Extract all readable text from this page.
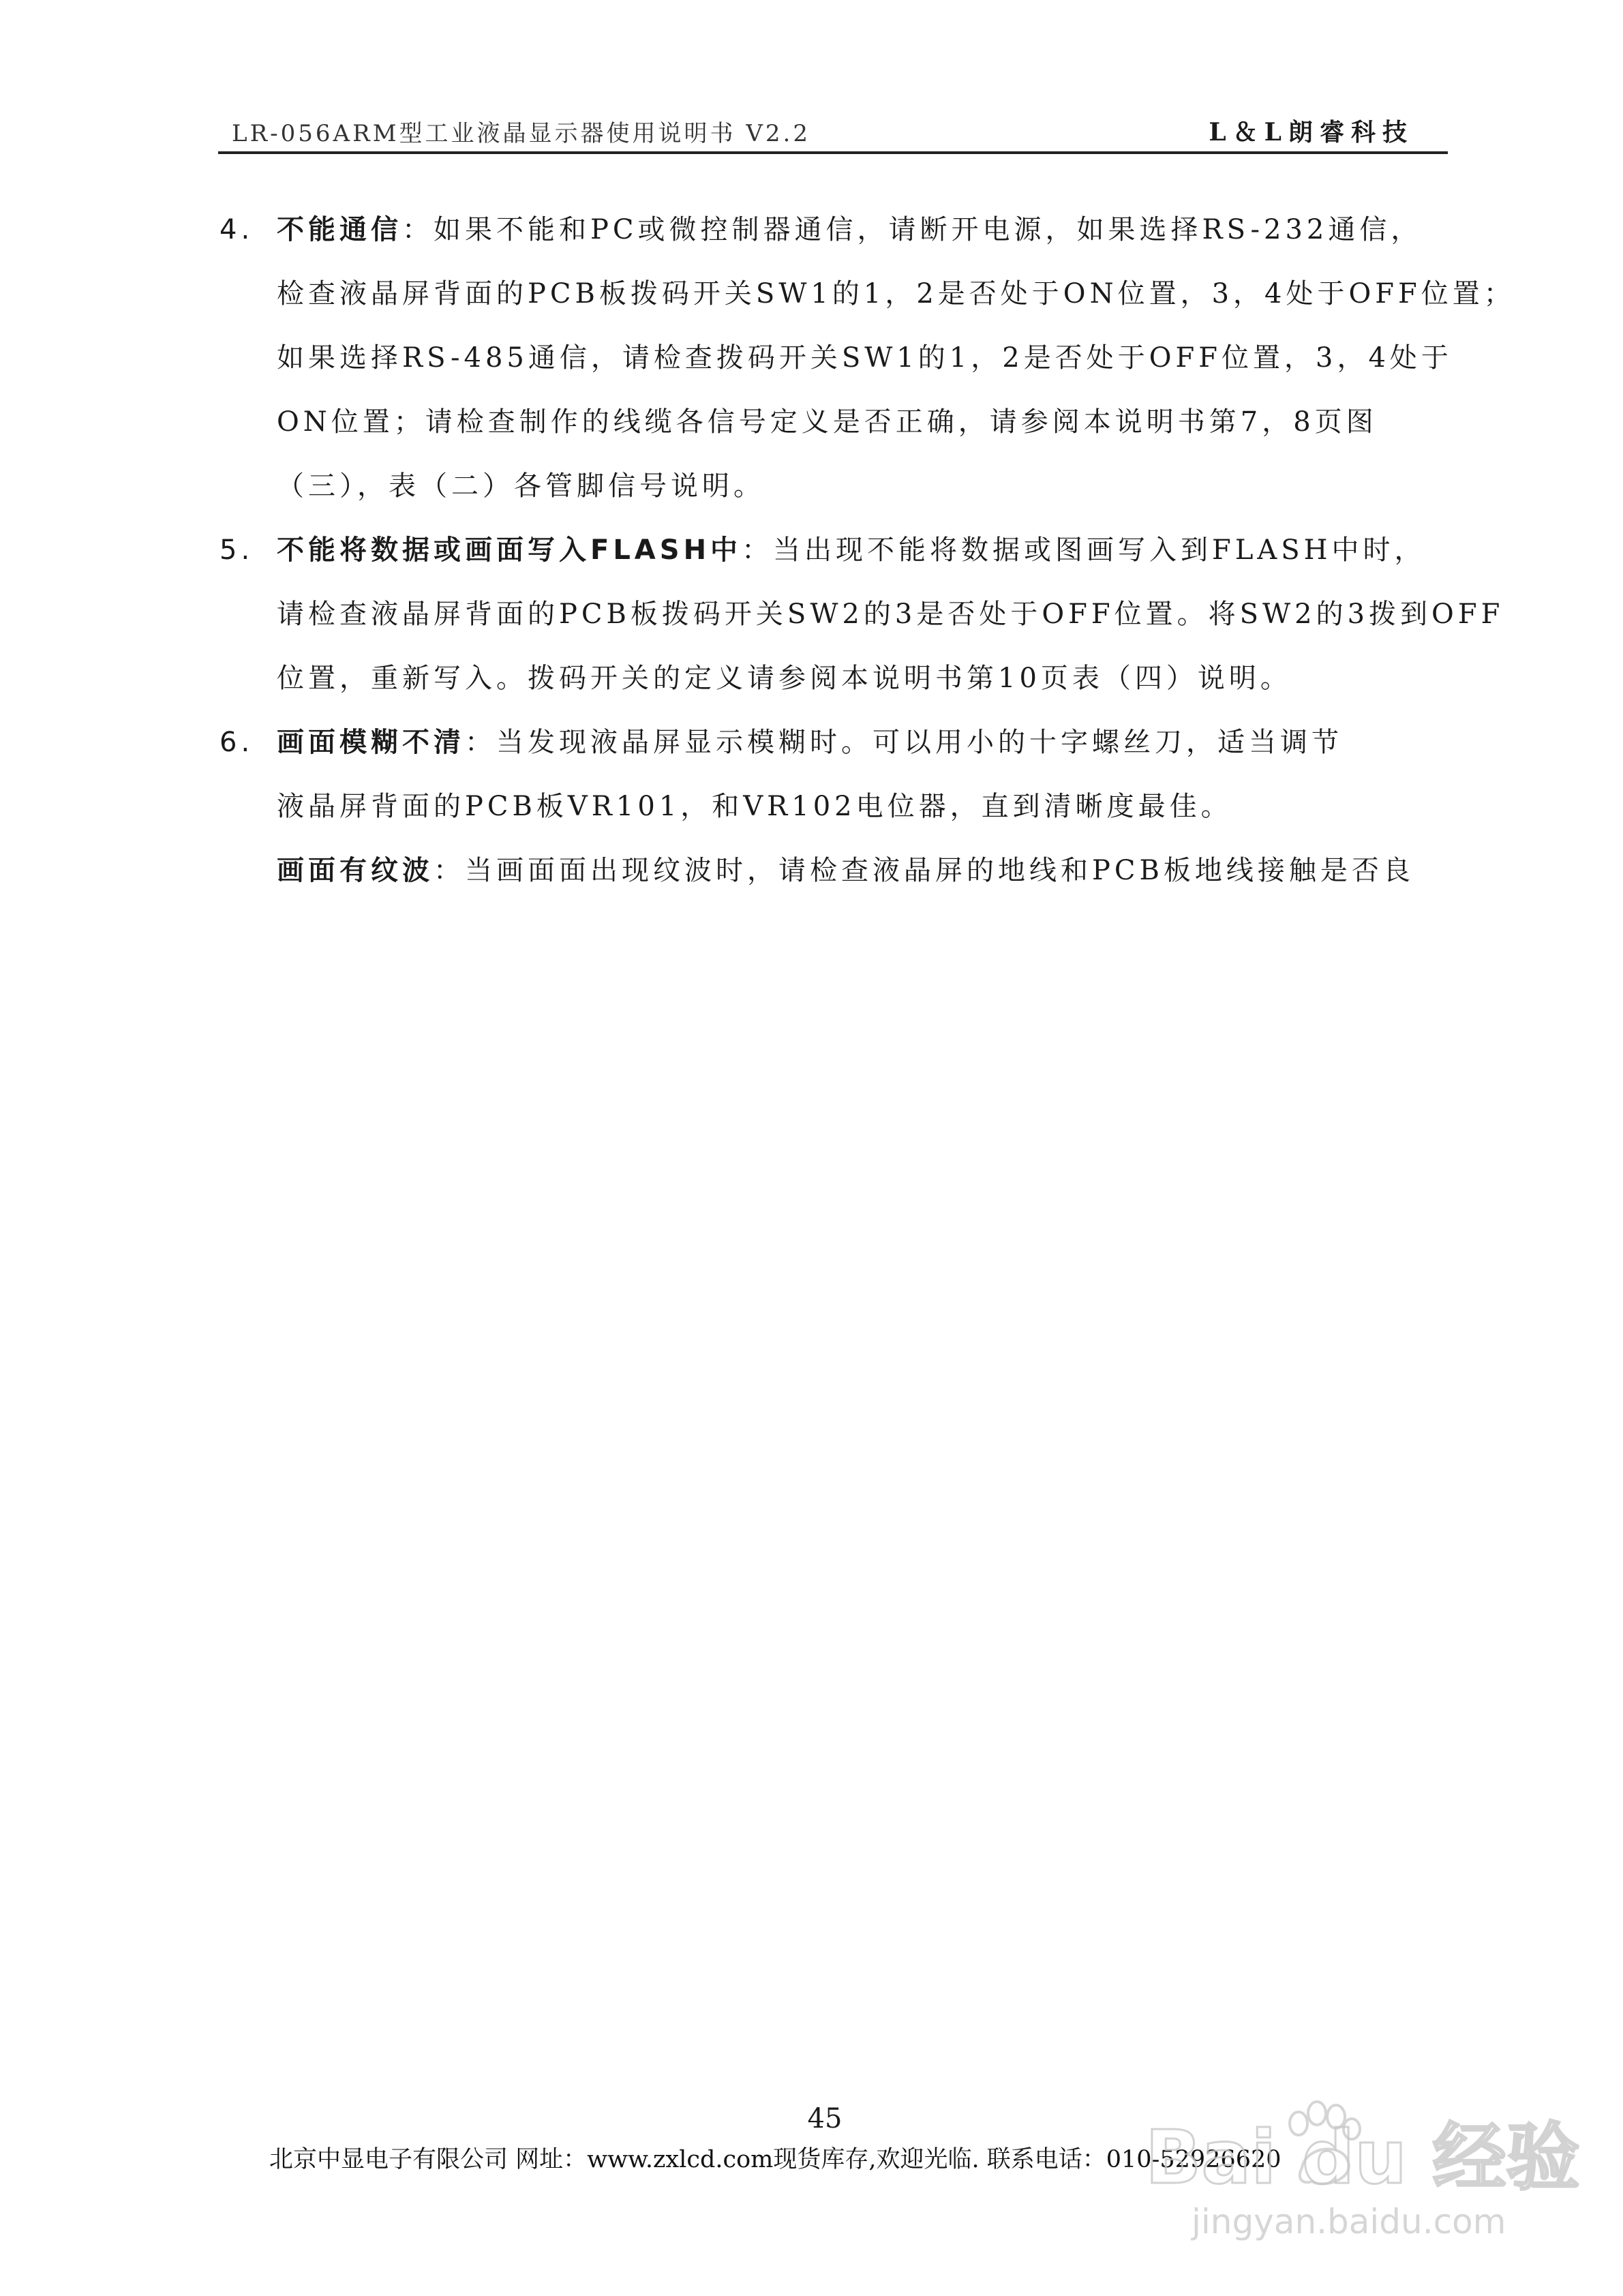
LR-056ARM型工业液晶显示器使用说明书 V2.2	L＆L朗睿科技
4. 不能通信：如果不能和PC或微控制器通信，请断开电源，如果选择RS-232通信，
检查液晶屏背面的PCB板拨码开关SW1的1，2是否处于ON位置，3，4处于OFF位置；
如果选择RS-485通信，请检查拨码开关SW1的1，2是否处于OFF位置，3，4处于
ON位置；请检查制作的线缆各信号定义是否正确，请参阅本说明书第7，8页图
（三），表（二）各管脚信号说明。
5. 不能将数据或画面写入FLASH中：当出现不能将数据或图画写入到FLASH中时，
请检查液晶屏背面的PCB板拨码开关SW2的3是否处于OFF位置。将SW2的3拨到OFF
位置，重新写入。拨码开关的定义请参阅本说明书第10页表（四）说明。
6. 画面模糊不清：当发现液晶屏显示模糊时。可以用小的十字螺丝刀，适当调节
液晶屏背面的PCB板VR101，和VR102电位器，直到清晰度最佳。
画面有纹波：当画面面出现纹波时，请检查液晶屏的地线和PCB板地线接触是否良
45
北京中显电子有限公司 网址：www.zxlcd.com现货库存,欢迎光临. 联系电话：010-52926620
Bai du 经验
jingyan.baidu.com
